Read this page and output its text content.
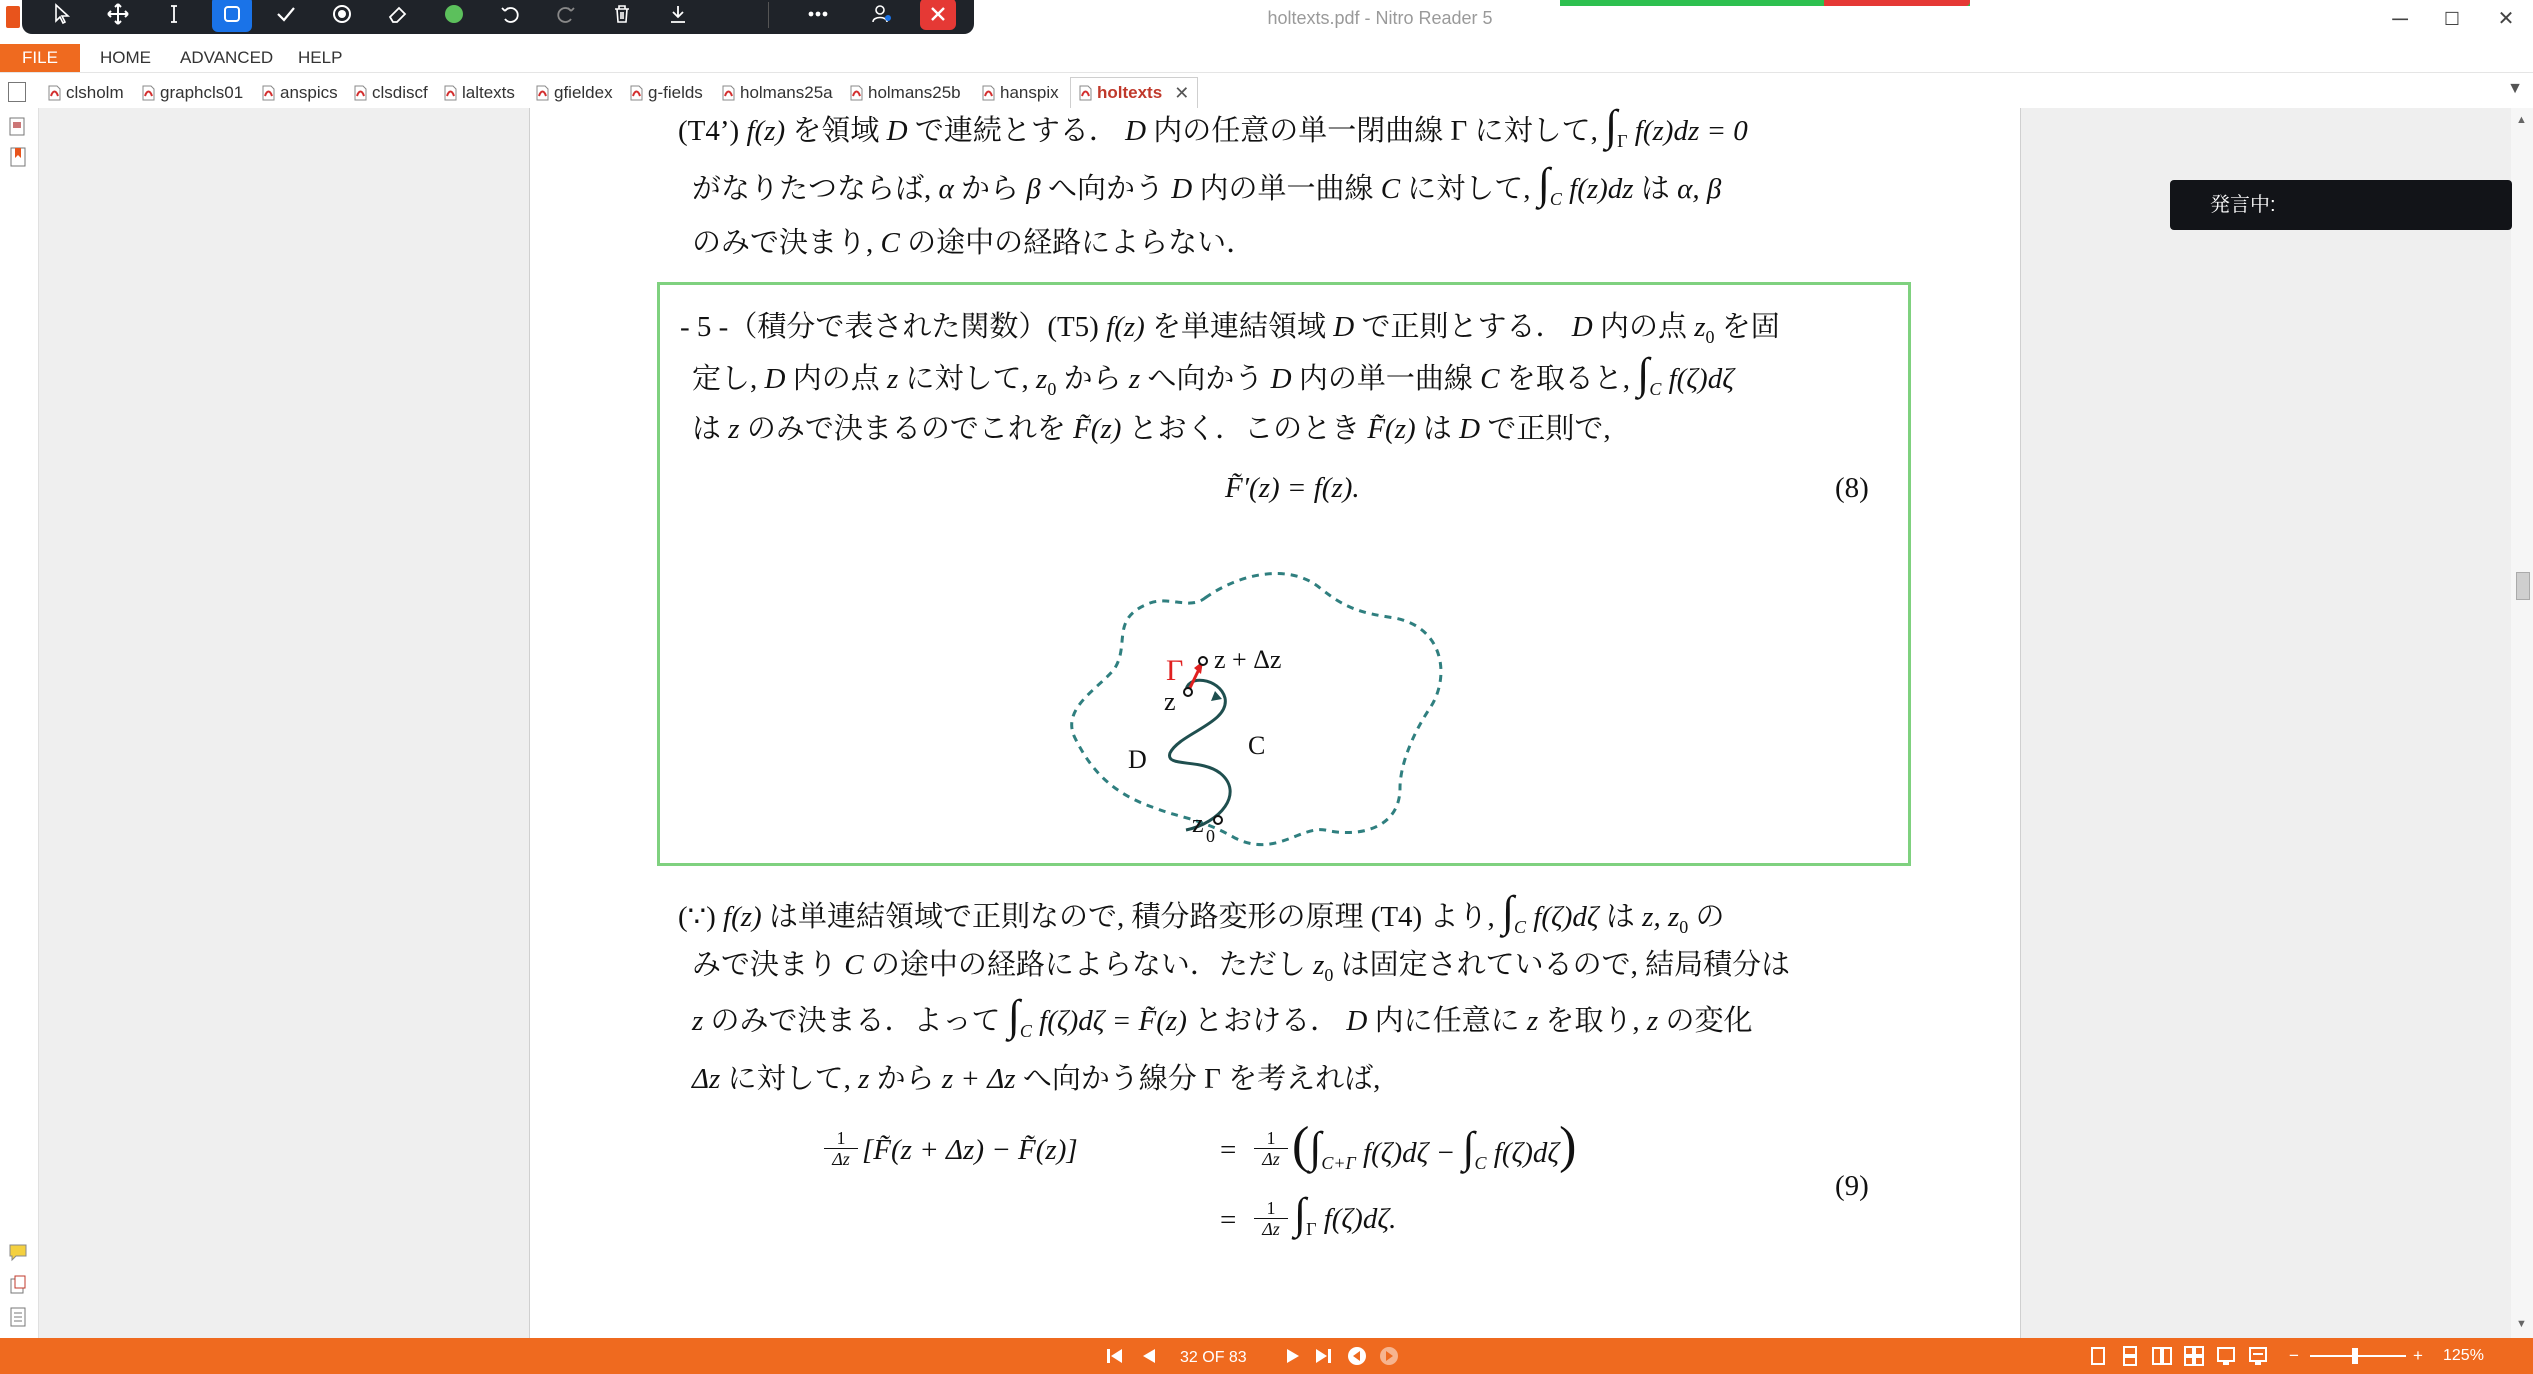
holtexts.pdf - Nitro Reader 5	─	☐	✕
FILE	HOME ADVANCED HELP
clsholm graphcls01 anspics clsdiscf laltexts gfieldex g-fields holmans25a holmans25b hanspix holtexts ✕	▼
(T4’) f(z) を領域 D で連続とする． D 内の任意の単一閉曲線 Γ に対して, $\int_\Gamma$ f(z)dz = 0
がなりたつならば, α から β へ向かう D 内の単一曲線 C に対して, $\int_C$ f(z)dz は α, β
のみで決まり, C の途中の経路によらない．
- 5 -（積分で表された関数）(T5) f(z) を単連結領域 D で正則とする． D 内の点 $z_0$ を固
定し, D 内の点 z に対して, $z_0$ から z へ向かう D 内の単一曲線 C を取ると, $\int_C$ f(ζ)dζ
は z のみで決まるのでこれを F̃(z) とおく．このとき F̃(z) は D で正則で,
F̃′(z) = f(z).	(8)
Γ z + Δz
z
D	C
z 0
(∵) f(z) は単連結領域で正則なので, 積分路変形の原理 (T4) より, $\int_C$ f(ζ)dζ は z, $z_0$ の
みで決まり C の途中の経路によらない．ただし $z_0$ は固定されているので, 結局積分は
z のみで決まる．よって $\int_C$ f(ζ)dζ = F̃(z) とおける． D 内に任意に z を取り, z の変化
Δz に対して, z から z + Δz へ向かう線分 Γ を考えれば,
1
Δz [F̃(z + Δz) − F̃(z)]	=	1
Δz ($\int_{C+\Gamma}$ $f(\zeta)d\zeta - \int_C$ f(ζ)dζ)
(9)
=	1
Δz $\int_\Gamma$ f(ζ)dζ.
▲
▼
発言中:
32 OF 83	−	+ 125%
